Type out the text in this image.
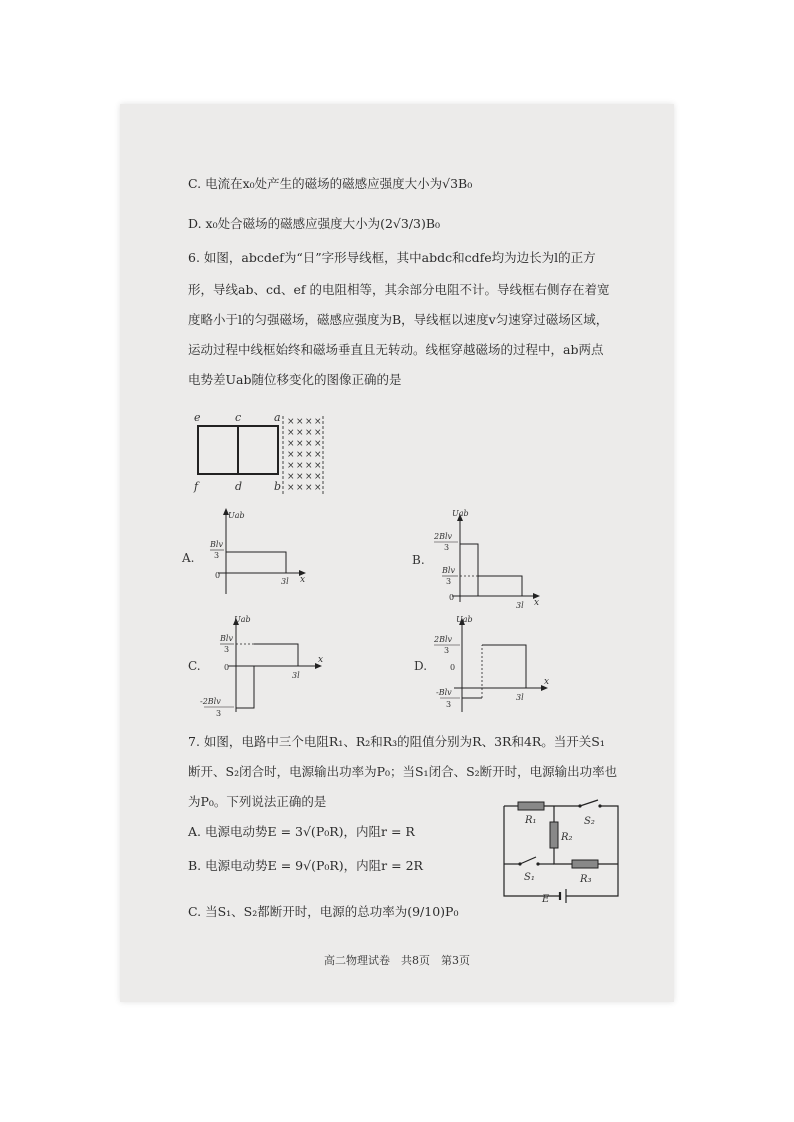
C. 电流在x₀处产生的磁场的磁感应强度大小为√3B₀
D. x₀处合磁场的磁感应强度大小为(2√3/3)B₀
6. 如图，abcdef为“日”字形导线框，其中abdc和cdfe均为边长为l的正方
形，导线ab、cd、ef 的电阻相等，其余部分电阻不计。导线框右侧存在着宽
度略小于l的匀强磁场，磁感应强度为B，导线框以速度v匀速穿过磁场区域，
运动过程中线框始终和磁场垂直且无转动。线框穿越磁场的过程中，ab两点
电势差Uab随位移变化的图像正确的是
× × × ×
× × × ×
× × × ×
× × × ×
× × × ×
× × × ×
× × × ×
e	c	a
f	d	b
A.
Uab
x
0
Blv
3
3l
B.
Uab
x
0
2Blv
3
Blv
3
3l
C.
Uab
x
0
Blv
3
-2Blv
3
3l
D.
Uab
x
0
2Blv
3
-Blv
3
3l
7. 如图，电路中三个电阻R₁、R₂和R₃的阻值分别为R、3R和4R。当开关S₁
断开、S₂闭合时，电源输出功率为P₀；当S₁闭合、S₂断开时，电源输出功率也
为P₀。下列说法正确的是
A. 电源电动势E = 3√(P₀R)，内阻r = R
B. 电源电动势E = 9√(P₀R)，内阻r = 2R
C. 当S₁、S₂都断开时，电源的总功率为(9/10)P₀
R₁
R₂
R₃
S₁
S₂
E
高二物理试卷　共8页　第3页
